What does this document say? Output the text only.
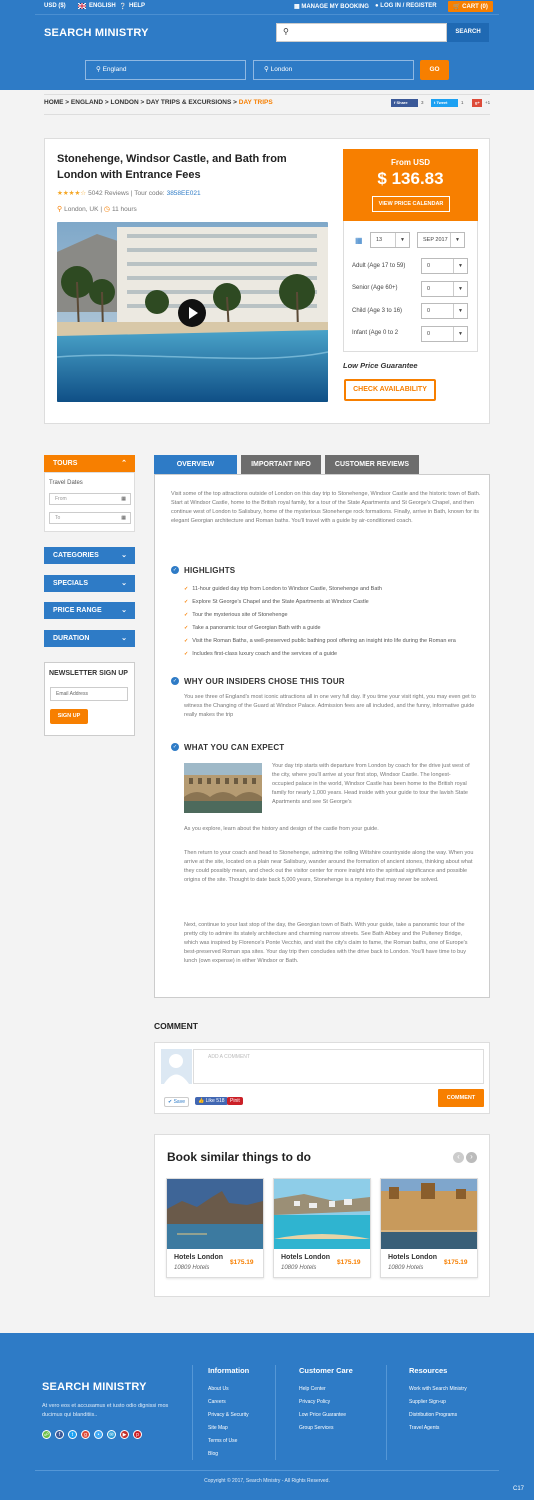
USD ($)	ENGLISH ❔ HELP	▦ MANAGE MY BOOKING ● LOG IN / REGISTER	🛒 CART (0)
SEARCH MINISTRY	⚲	SEARCH
⚲ England	⚲ London	GO
HOME > ENGLAND > LONDON > DAY TRIPS & EXCURSIONS > DAY TRIPS	f Share	3	t Tweet	1	g+	+1
Stonehenge, Windsor Castle, and Bath from London with Entrance Fees
★★★★☆ 5042 Reviews | Tour code: 3858EE021
⚲ London, UK | ◷ 11 hours
From USD
$ 136.83
VIEW PRICE CALENDAR
▦	13	▼	SEP 2017	▼
Adult (Age 17 to 59)	0	▼
Senior (Age 60+)	0	▼
Child (Age 3 to 16)	0	▼
Infant (Age 0 to 2	0	▼
Low Price Guarantee
CHECK AVAILABILITY
TOURS	⌃
Travel Dates
From	▦
To	▦
CATEGORIES	⌄
SPECIALS	⌄
PRICE RANGE	⌄
DURATION	⌄
NEWSLETTER SIGN UP
Email Address
SIGN UP
OVERVIEW	IMPORTANT INFO	CUSTOMER REVIEWS
Visit some of the top attractions outside of London on this day trip to Stonehenge, Windsor Castle and the historic town of Bath. Start at Windsor Castle, home to the British royal family, for a tour of the State Apartments and St George's Chapel, and then continue west of London to Salisbury, home of the mysterious Stonehenge rock formations. Finally, arrive in Bath, known for its elegant Georgian architecture and Roman baths. You'll travel with a guide by air-conditioned coach.
✓ HIGHLIGHTS
✓ 11-hour guided day trip from London to Windsor Castle, Stonehenge and Bath
✓ Explore St George's Chapel and the State Apartments at Windsor Castle
✓ Tour the mysterious site of Stonehenge
✓ Take a panoramic tour of Georgian Bath with a guide
✓ Visit the Roman Baths, a well-preserved public bathing pool offering an insight into life during the Roman era
✓ Includes first-class luxury coach and the services of a guide
✓ WHY OUR INSIDERS CHOSE THIS TOUR
You see three of England's most iconic attractions all in one very full day. If you time your visit right, you may even get to witness the Changing of the Guard at Windsor Palace. Admission fees are all included, and the funny, informative guide really makes the trip
✓ WHAT YOU CAN EXPECT
Your day trip starts with departure from London by coach for the drive just west of the city, where you'll arrive at your first stop, Windsor Castle. The longest-occupied palace in the world, Windsor Castle has been home to the British royal family for nearly 1,000 years. Head inside with your guide to tour the lavish State Apartments and see St George's
As you explore, learn about the history and design of the castle from your guide.
Then return to your coach and head to Stonehenge, admiring the rolling Wiltshire countryside along the way. When you arrive at the site, located on a plain near Salisbury, wander around the formation of ancient stones, thinking about what they could possibly mean, and check out the visitor center for more insight into the spiritual significance and possible origins of the site. Thought to date back 5,000 years, Stonehenge is a mystery that may never be solved.
Next, continue to your last stop of the day, the Georgian town of Bath. With your guide, take a panoramic tour of the pretty city to admire its stately architecture and charming narrow streets. See Bath Abbey and the Pulteney Bridge, which was inspired by Florence's Ponte Vecchio, and visit the city's claim to fame, the Roman baths, one of Europe's best-preserved Roman spa sites. Your day trip then concludes with the drive back to London. You'll have time to buy lunch (own expense) in either Windsor or Bath.
COMMENT
ADD A COMMENT
✔ Save	👍 Like 518	Pinit	COMMENT
Book similar things to do	‹	›
Hotels London
10809 Hotels
$175.19
Hotels London
10809 Hotels
$175.19
Hotels London
10809 Hotels
$175.19
SEARCH MINISTRY
At vero eos et accusamus et iusto odio dignissi mos ducimus qui blanditiis..
☍	f	t	g	•	✉	▶	p
Information
About Us
Careers
Privacy & Security
Site Map
Terms of Use
Blog
Customer Care
Help Center
Privacy Policy
Low Price Guarantee
Group Services
Resources
Work with Search Ministry
Supplier Sign-up
Distribution Programs
Travel Agents
Copyright © 2017, Search Ministry - All Rights Reserved.
C17
